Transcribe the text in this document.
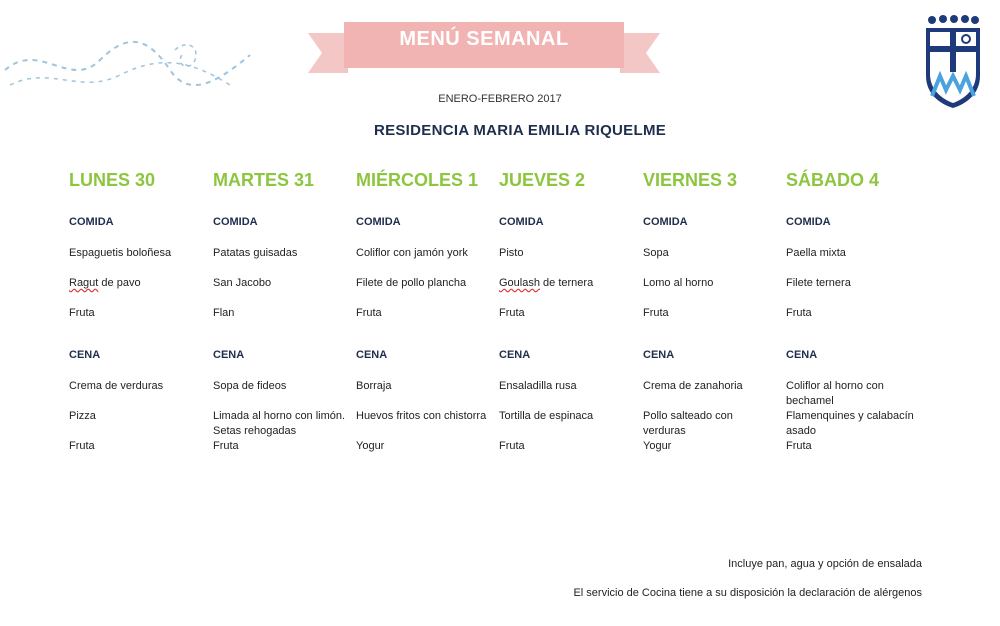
MENÚ SEMANAL
ENERO-FEBRERO 2017
RESIDENCIA MARIA EMILIA RIQUELME
LUNES 30
COMIDA
Espaguetis boloñesa
Ragut de pavo
Fruta
CENA
Crema de verduras
Pizza
Fruta
MARTES 31
COMIDA
Patatas guisadas
San Jacobo
Flan
CENA
Sopa de fideos
Limada al horno con limón. Setas rehogadas
Fruta
MIÉRCOLES 1
COMIDA
Coliflor con jamón york
Filete de pollo plancha
Fruta
CENA
Borraja
Huevos fritos con chistorra
Yogur
JUEVES 2
COMIDA
Pisto
Goulash de ternera
Fruta
CENA
Ensaladilla rusa
Tortilla de espinaca
Fruta
VIERNES 3
COMIDA
Sopa
Lomo al horno
Fruta
CENA
Crema de zanahoria
Pollo salteado con verduras
Yogur
SÁBADO 4
COMIDA
Paella mixta
Filete ternera
Fruta
CENA
Coliflor al horno con bechamel
Flamenquines y calabacín asado
Fruta
Incluye pan, agua y opción de ensalada
El servicio de Cocina tiene a su disposición la declaración de alérgenos
